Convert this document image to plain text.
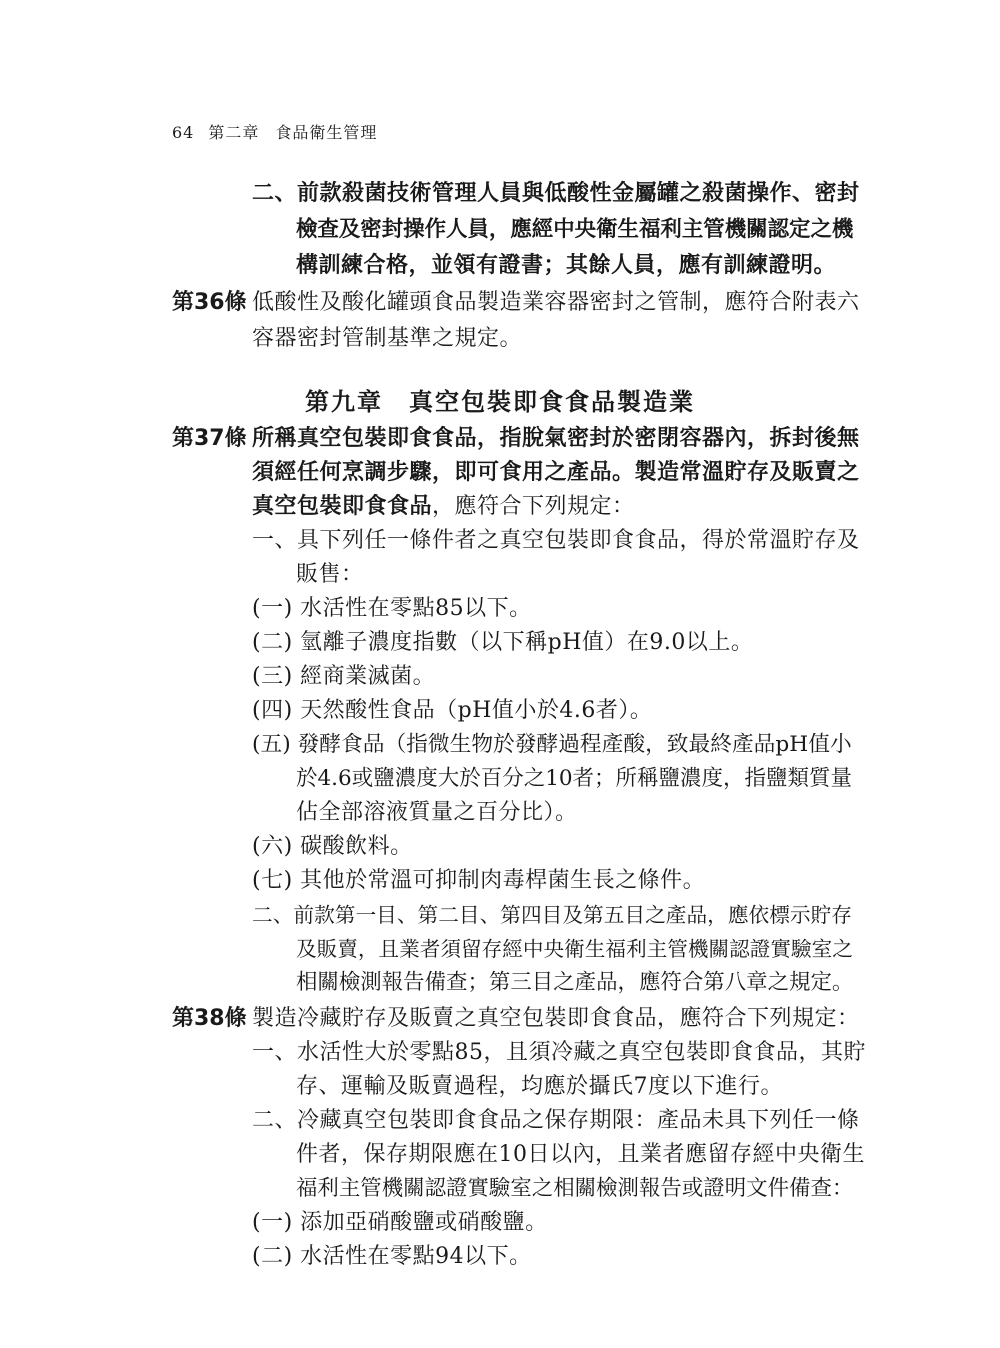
64 第二章 食品衛生管理
二、前款殺菌技術管理人員與低酸性金屬罐之殺菌操作、密封
檢查及密封操作人員，應經中央衛生福利主管機關認定之機
構訓練合格，並領有證書；其餘人員，應有訓練證明。
第36條 低酸性及酸化罐頭食品製造業容器密封之管制，應符合附表六
容器密封管制基準之規定。
第九章 真空包裝即食食品製造業
第37條 所稱真空包裝即食食品，指脫氣密封於密閉容器內，拆封後無
須經任何烹調步驟，即可食用之產品。製造常溫貯存及販賣之
真空包裝即食食品，應符合下列規定：
一、具下列任一條件者之真空包裝即食食品，得於常溫貯存及
販售：
(一) 水活性在零點85以下。
(二) 氫離子濃度指數（以下稱pH值）在9.0以上。
(三) 經商業滅菌。
(四) 天然酸性食品（pH值小於4.6者）。
(五) 發酵食品（指微生物於發酵過程產酸，致最終產品pH值小
於4.6或鹽濃度大於百分之10者；所稱鹽濃度，指鹽類質量
佔全部溶液質量之百分比）。
(六) 碳酸飲料。
(七) 其他於常溫可抑制肉毒桿菌生長之條件。
二、前款第一目、第二目、第四目及第五目之產品，應依標示貯存
及販賣，且業者須留存經中央衛生福利主管機關認證實驗室之
相關檢測報告備查；第三目之產品，應符合第八章之規定。
第38條 製造冷藏貯存及販賣之真空包裝即食食品，應符合下列規定：
一、水活性大於零點85，且須冷藏之真空包裝即食食品，其貯
存、運輸及販賣過程，均應於攝氏7度以下進行。
二、冷藏真空包裝即食食品之保存期限：產品未具下列任一條
件者，保存期限應在10日以內，且業者應留存經中央衛生
福利主管機關認證實驗室之相關檢測報告或證明文件備查：
(一) 添加亞硝酸鹽或硝酸鹽。
(二) 水活性在零點94以下。
